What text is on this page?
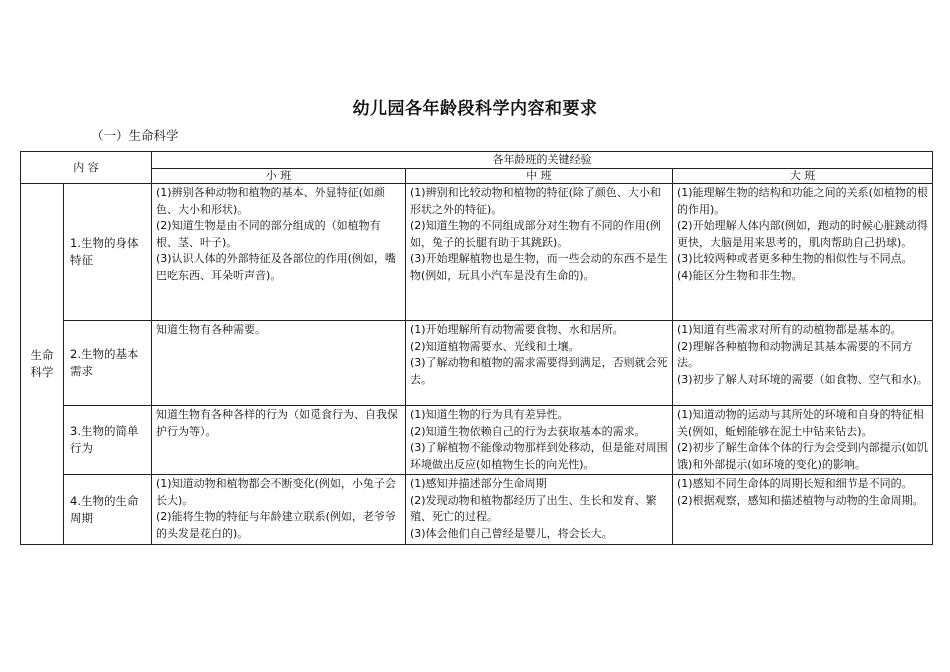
幼儿园各年龄段科学内容和要求
（一）生命科学
内 容		各年龄班的关键经验		
		小 班	中 班	大 班
生命科学	1.生物的身体特征	(1)辨别各种动物和植物的基本、外显特征(如颜色、大小和形状)。
(2)知道生物是由不同的部分组成的（如植物有根、茎、叶子)。
(3)认识人体的外部特征及各部位的作用(例如，嘴巴吃东西、耳朵听声音)。	(1)辨别和比较动物和植物的特征(除了颜色、大小和形状之外的特征)。
(2)知道生物的不同组成部分对生物有不同的作用(例如，兔子的长腿有助于其跳跃)。
(3)开始理解植物也是生物，而一些会动的东西不是生物(例如，玩具小汽车是没有生命的)。	(1)能理解生物的结构和功能之间的关系(如植物的根的作用)。
(2)开始理解人体内部(例如，跑动的时候心脏跳动得更快，大脑是用来思考的，肌肉帮助自己扔球)。
(3)比较两种或者更多种生物的相似性与不同点。
(4)能区分生物和非生物。

	2.生物的基本需求	知道生物有各种需要。	(1)开始理解所有动物需要食物、水和居所。
(2)知道植物需要水、光线和土壤。
(3)了解动物和植物的需求需要得到满足，否则就会死去。	(1)知道有些需求对所有的动植物都是基本的。
(2)理解各种植物和动物满足其基本需要的不同方法。
(3)初步了解人对环境的需要（如食物、空气和水)。

	3.生物的简单行为	知道生物有各种各样的行为（如觅食行为、自我保护行为等）。	(1)知道生物的行为具有差异性。
(2)知道生物依赖自己的行为去获取基本的需求。
(3)了解植物不能像动物那样到处移动，但是能对周围环境做出反应(如植物生长的向光性)。	(1)知道动物的运动与其所处的环境和自身的特征相关(例如，蚯蚓能够在泥土中钻来钻去)。
(2)初步了解生命体个体的行为会受到内部提示(如饥饿)和外部提示(如环境的变化)的影响。

	4.生物的生命周期	(1)知道动物和植物都会不断变化(例如，小兔子会长大)。
(2)能将生物的特征与年龄建立联系(例如，老爷爷的头发是花白的)。	(1)感知并描述部分生命周期
(2)发现动物和植物都经历了出生、生长和发育、繁殖、死亡的过程。
(3)体会他们自己曾经是婴儿，将会长大。	(1)感知不同生命体的周期长短和细节是不同的。
(2)根据观察，感知和描述植物与动物的生命周期。
